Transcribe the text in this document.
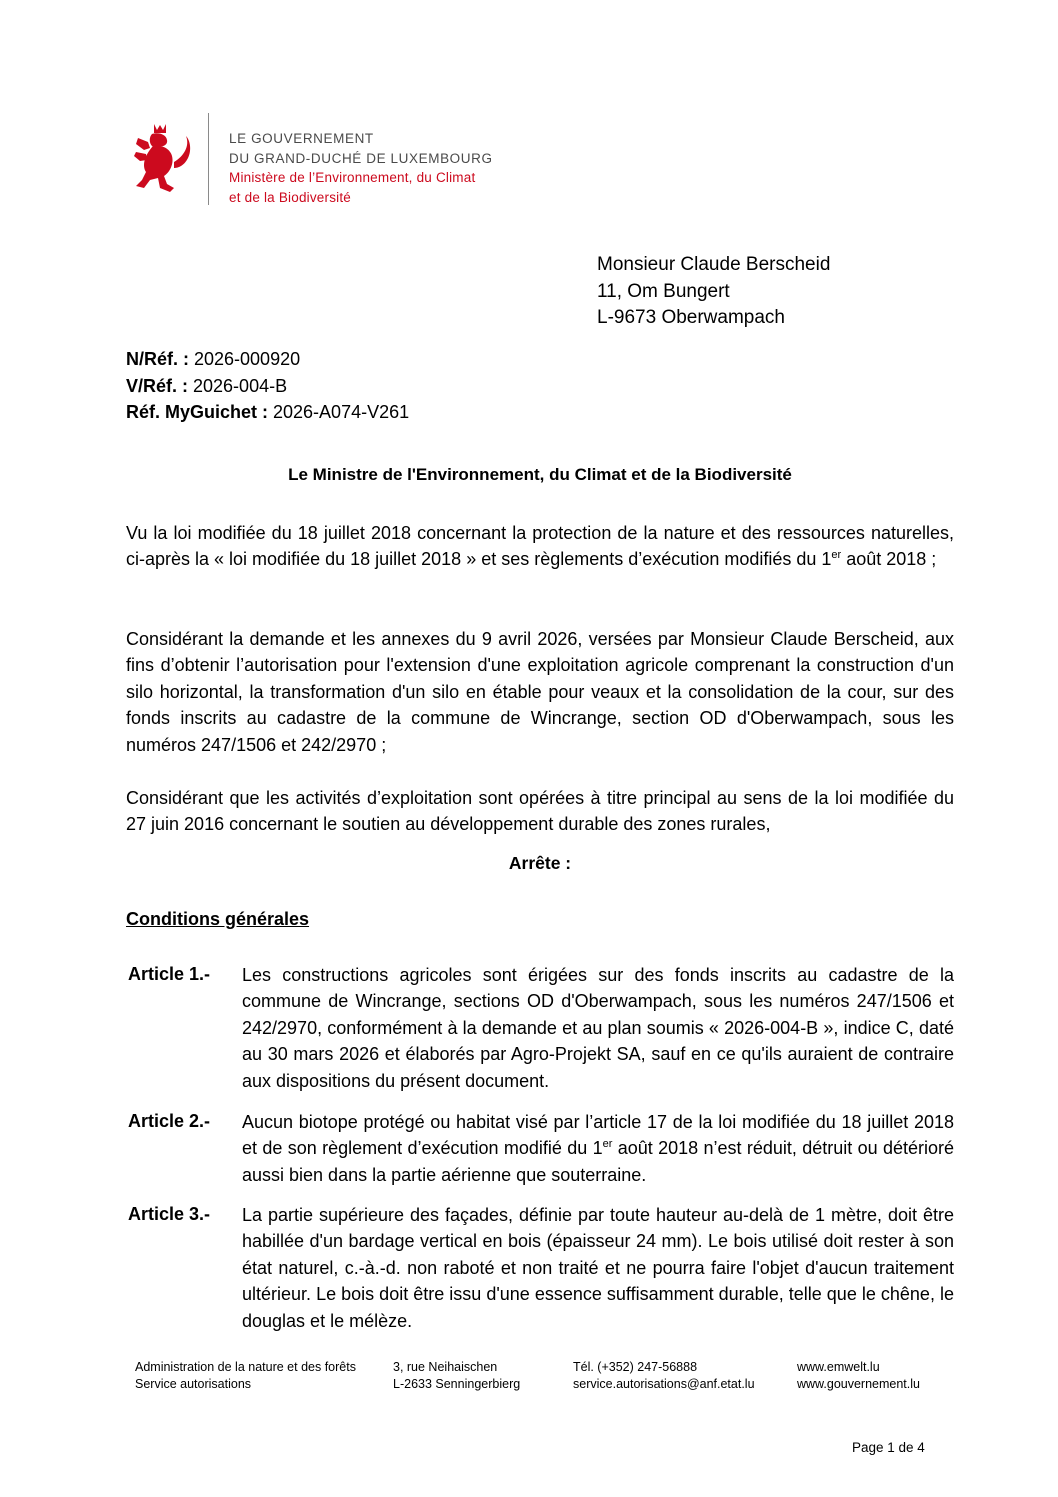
LE GOUVERNEMENT
DU GRAND-DUCHÉ DE LUXEMBOURG
Ministère de l’Environnement, du Climat
et de la Biodiversité
Monsieur Claude Berscheid
11, Om Bungert
L-9673 Oberwampach
N/Réf. : 2026-000920
V/Réf. : 2026-004-B
Réf. MyGuichet : 2026-A074-V261
Le Ministre de l'Environnement, du Climat et de la Biodiversité
Vu la loi modifiée du 18 juillet 2018 concernant la protection de la nature et des ressources naturelles, ci-après la « loi modifiée du 18 juillet 2018 » et ses règlements d’exécution modifiés du 1er août 2018 ;
Considérant la demande et les annexes du 9 avril 2026, versées par Monsieur Claude Berscheid, aux fins d’obtenir l’autorisation pour l'extension d'une exploitation agricole comprenant la construction d'un silo horizontal, la transformation d'un silo en étable pour veaux et la consolidation de la cour, sur des fonds inscrits au cadastre de la commune de Wincrange, section OD d'Oberwampach, sous les numéros 247/1506 et 242/2970 ;
Considérant que les activités d’exploitation sont opérées à titre principal au sens de la loi modifiée du 27 juin 2016 concernant le soutien au développement durable des zones rurales,
Arrête :
Conditions générales
Article 1.- Les constructions agricoles sont érigées sur des fonds inscrits au cadastre de la commune de Wincrange, sections OD d'Oberwampach, sous les numéros 247/1506 et 242/2970, conformément à la demande et au plan soumis « 2026-004-B », indice C, daté au 30 mars 2026 et élaborés par Agro-Projekt SA, sauf en ce qu'ils auraient de contraire aux dispositions du présent document.
Article 2.- Aucun biotope protégé ou habitat visé par l’article 17 de la loi modifiée du 18 juillet 2018 et de son règlement d’exécution modifié du 1er août 2018 n’est réduit, détruit ou détérioré aussi bien dans la partie aérienne que souterraine.
Article 3.- La partie supérieure des façades, définie par toute hauteur au-delà de 1 mètre, doit être habillée d'un bardage vertical en bois (épaisseur 24 mm). Le bois utilisé doit rester à son état naturel, c.-à.-d. non raboté et non traité et ne pourra faire l'objet d'aucun traitement ultérieur. Le bois doit être issu d'une essence suffisamment durable, telle que le chêne, le douglas et le mélèze.
Administration de la nature et des forêts
Service autorisations
3, rue Neihaischen
L-2633 Senningerbierg
Tél. (+352) 247-56888
service.autorisations@anf.etat.lu
www.emwelt.lu
www.gouvernement.lu
Page 1 de 4
